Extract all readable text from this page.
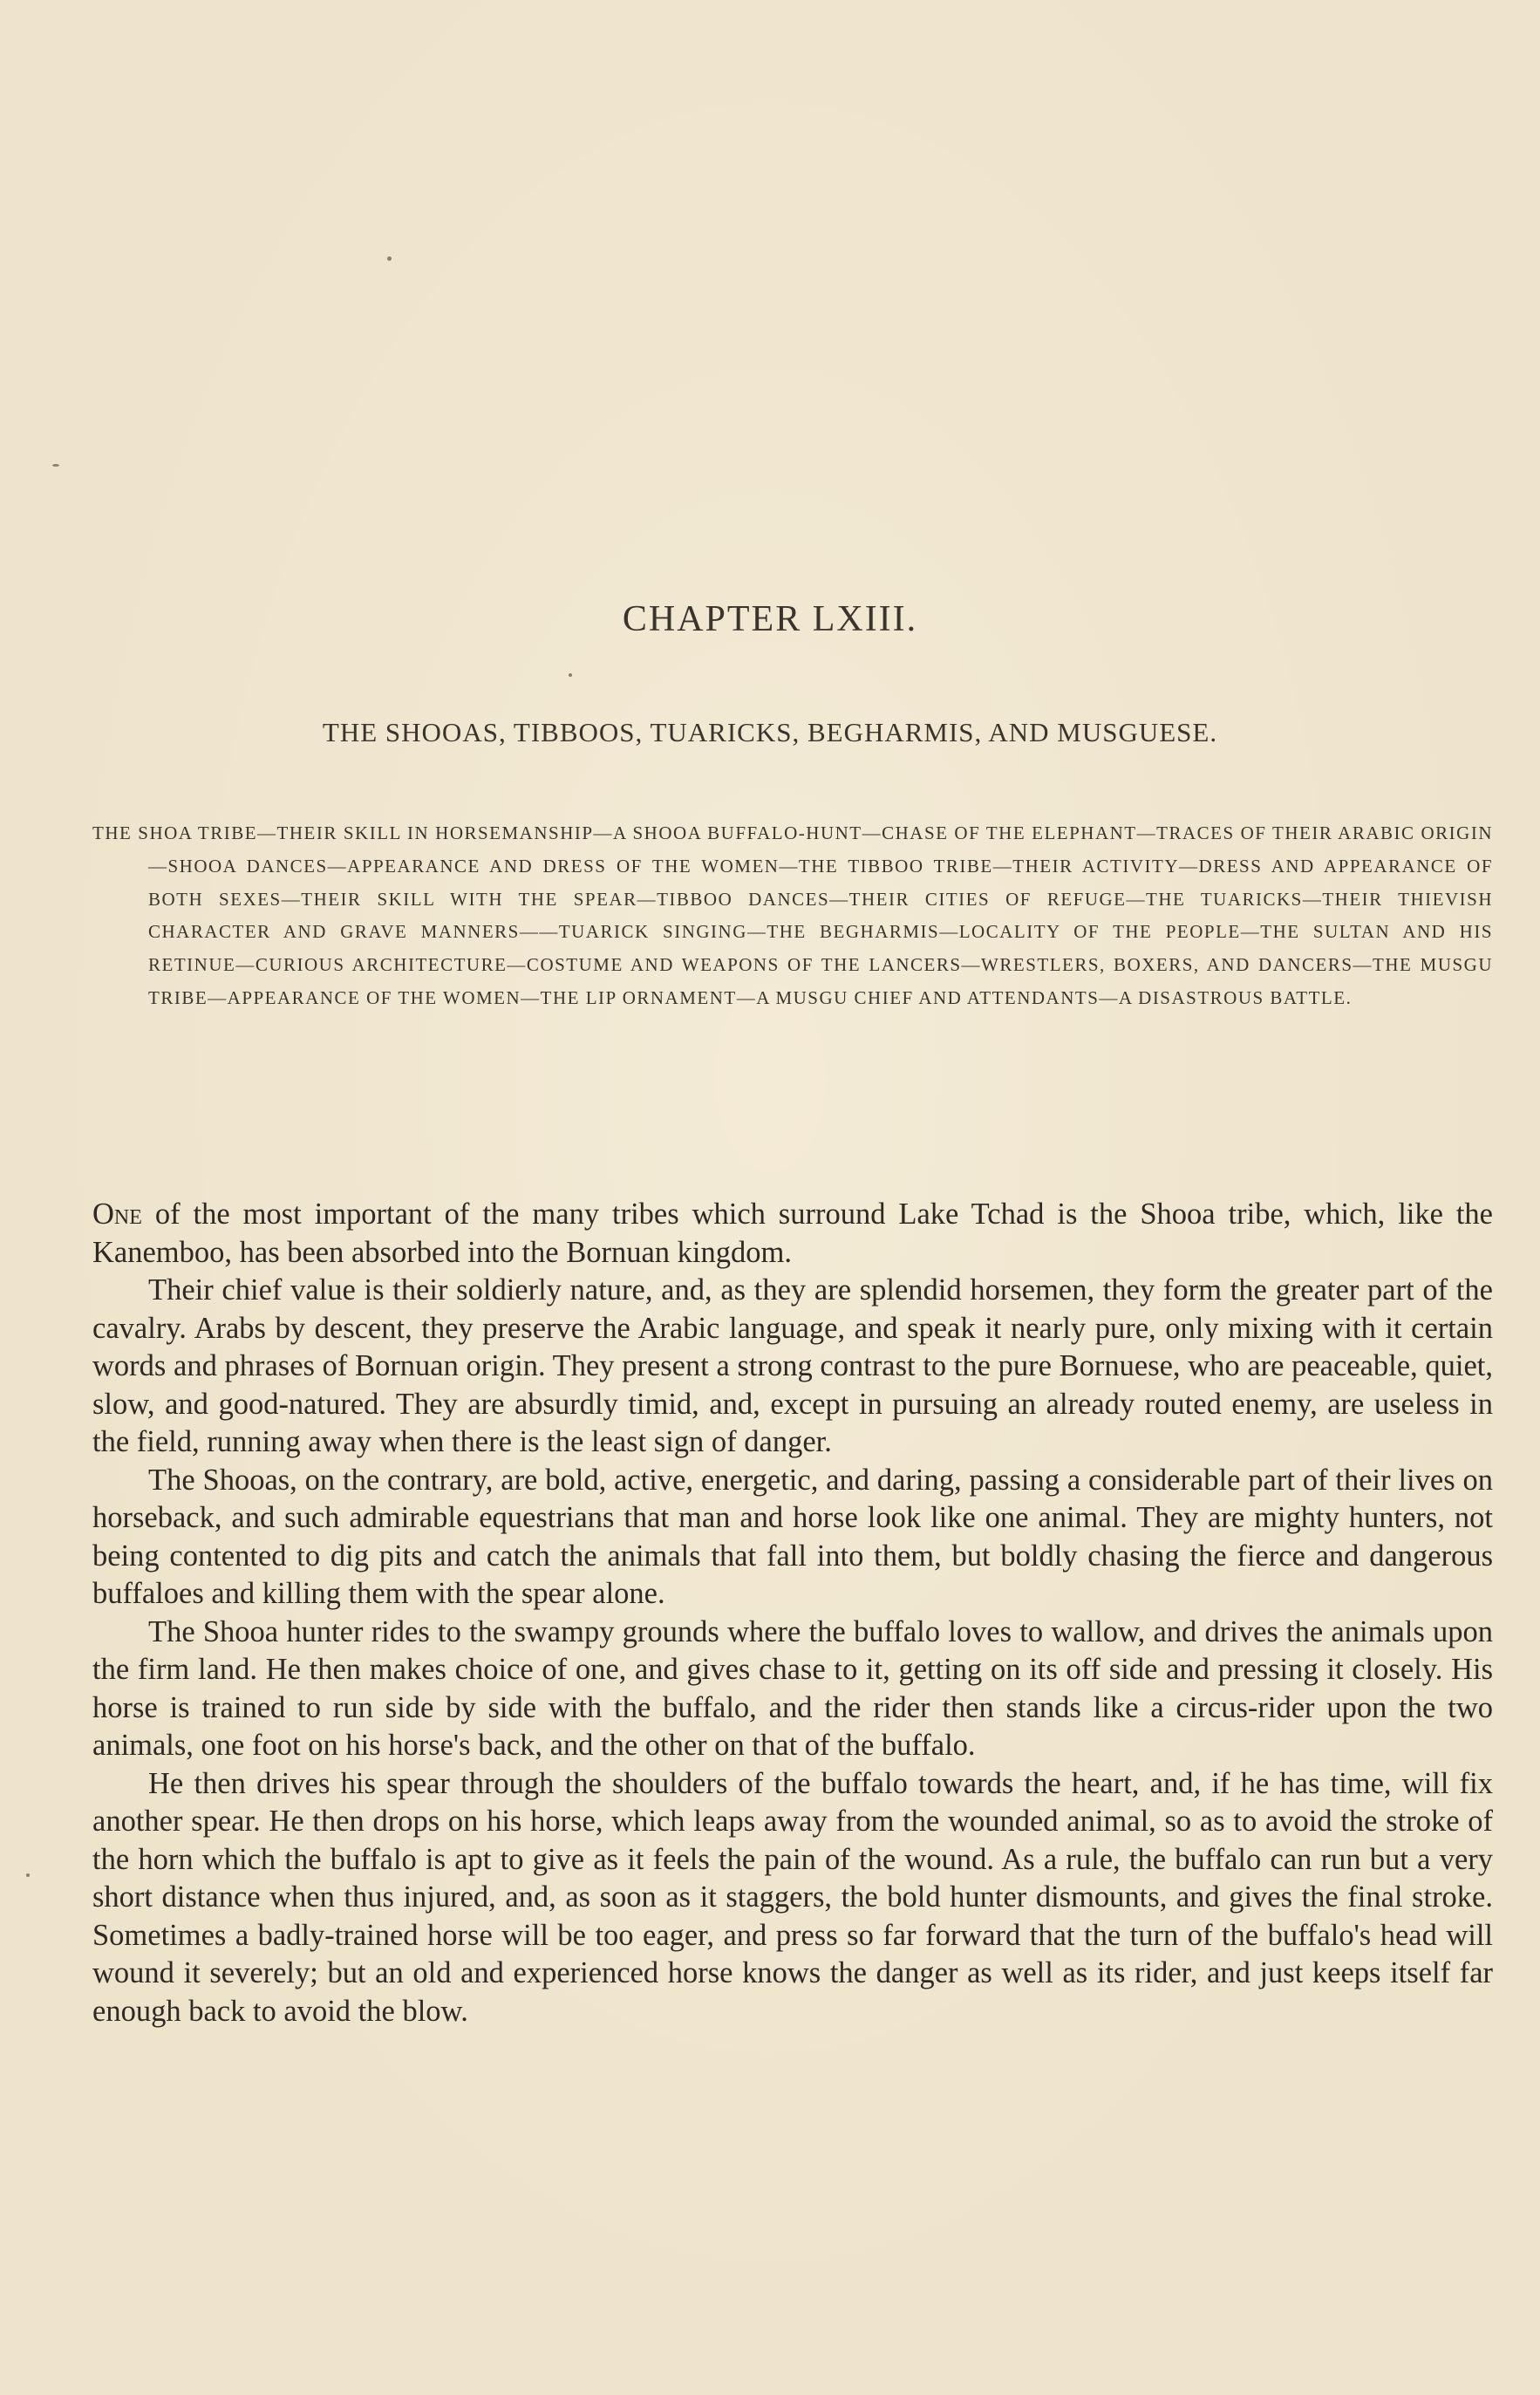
CHAPTER LXIII.
THE SHOOAS, TIBBOOS, TUARICKS, BEGHARMIS, AND MUSGUESE.
THE SHOA TRIBE—THEIR SKILL IN HORSEMANSHIP—A SHOOA BUFFALO-HUNT—CHASE OF THE ELEPHANT—TRACES OF THEIR ARABIC ORIGIN—SHOOA DANCES—APPEARANCE AND DRESS OF THE WOMEN—THE TIBBOO TRIBE—THEIR ACTIVITY—DRESS AND APPEARANCE OF BOTH SEXES—THEIR SKILL WITH THE SPEAR—TIBBOO DANCES—THEIR CITIES OF REFUGE—THE TUARICKS—THEIR THIEVISH CHARACTER AND GRAVE MANNERS——TUARICK SINGING—THE BEGHARMIS—LOCALITY OF THE PEOPLE—THE SULTAN AND HIS RETINUE—CURIOUS ARCHITECTURE—COSTUME AND WEAPONS OF THE LANCERS—WRESTLERS, BOXERS, AND DANCERS—THE MUSGU TRIBE—APPEARANCE OF THE WOMEN—THE LIP ORNAMENT—A MUSGU CHIEF AND ATTENDANTS—A DISASTROUS BATTLE.

One of the most important of the many tribes which surround Lake Tchad is the Shooa tribe, which, like the Kanemboo, has been absorbed into the Bornuan kingdom.

Their chief value is their soldierly nature, and, as they are splendid horsemen, they form the greater part of the cavalry. Arabs by descent, they preserve the Arabic language, and speak it nearly pure, only mixing with it certain words and phrases of Bornuan origin. They present a strong contrast to the pure Bornuese, who are peaceable, quiet, slow, and good-natured. They are absurdly timid, and, except in pursuing an already routed enemy, are useless in the field, running away when there is the least sign of danger.

The Shooas, on the contrary, are bold, active, energetic, and daring, passing a considerable part of their lives on horseback, and such admirable equestrians that man and horse look like one animal. They are mighty hunters, not being contented to dig pits and catch the animals that fall into them, but boldly chasing the fierce and dangerous buffaloes and killing them with the spear alone.

The Shooa hunter rides to the swampy grounds where the buffalo loves to wallow, and drives the animals upon the firm land. He then makes choice of one, and gives chase to it, getting on its off side and pressing it closely. His horse is trained to run side by side with the buffalo, and the rider then stands like a circus-rider upon the two animals, one foot on his horse's back, and the other on that of the buffalo.

He then drives his spear through the shoulders of the buffalo towards the heart, and, if he has time, will fix another spear. He then drops on his horse, which leaps away from the wounded animal, so as to avoid the stroke of the horn which the buffalo is apt to give as it feels the pain of the wound. As a rule, the buffalo can run but a very short distance when thus injured, and, as soon as it staggers, the bold hunter dismounts, and gives the final stroke. Sometimes a badly-trained horse will be too eager, and press so far forward that the turn of the buffalo's head will wound it severely; but an old and experienced horse knows the danger as well as its rider, and just keeps itself far enough back to avoid the blow.
